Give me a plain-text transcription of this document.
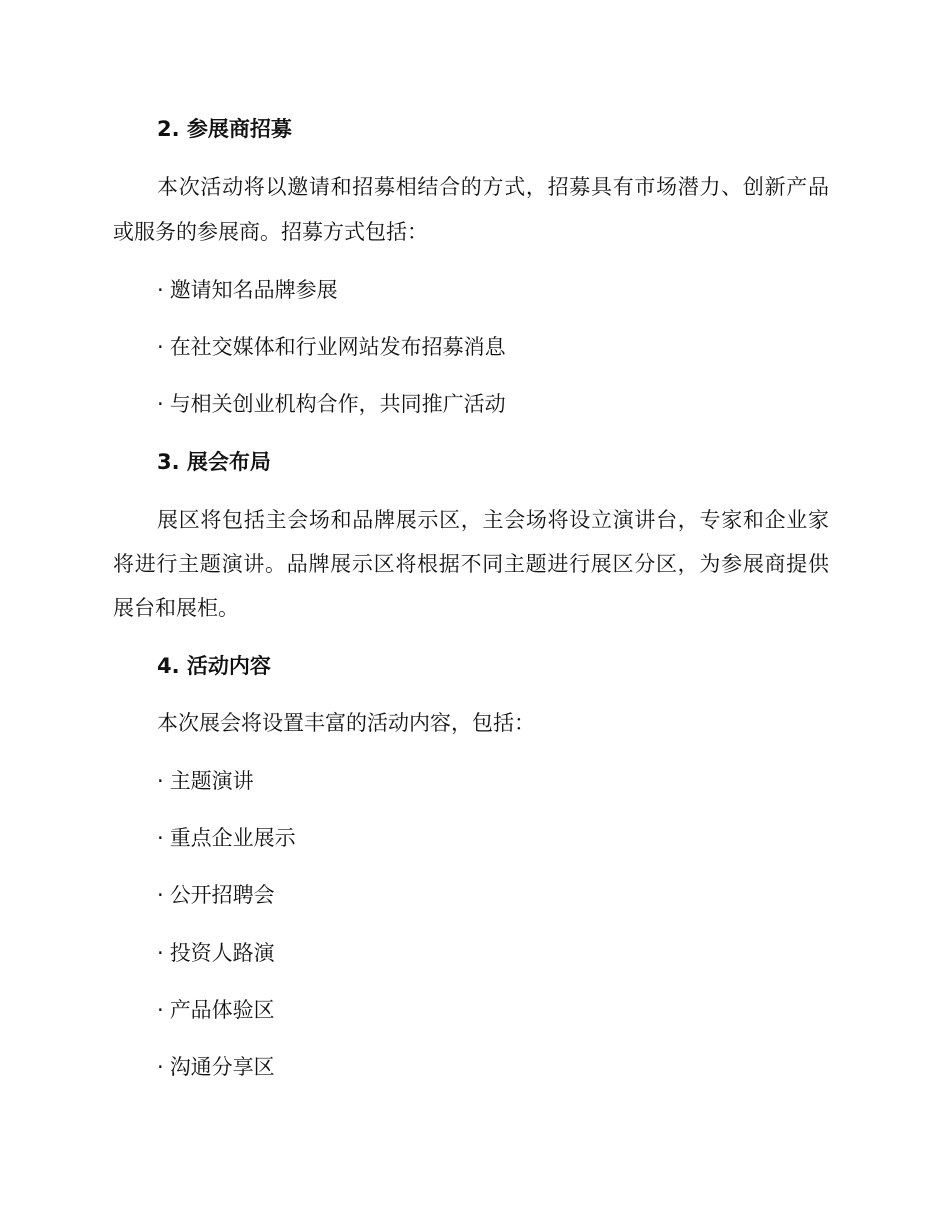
2. 参展商招募
本次活动将以邀请和招募相结合的方式，招募具有市场潜力、创新产品
或服务的参展商。招募方式包括：
· 邀请知名品牌参展
· 在社交媒体和行业网站发布招募消息
· 与相关创业机构合作，共同推广活动
3. 展会布局
展区将包括主会场和品牌展示区，主会场将设立演讲台，专家和企业家
将进行主题演讲。品牌展示区将根据不同主题进行展区分区，为参展商提供
展台和展柜。
4. 活动内容
本次展会将设置丰富的活动内容，包括：
· 主题演讲
· 重点企业展示
· 公开招聘会
· 投资人路演
· 产品体验区
· 沟通分享区
